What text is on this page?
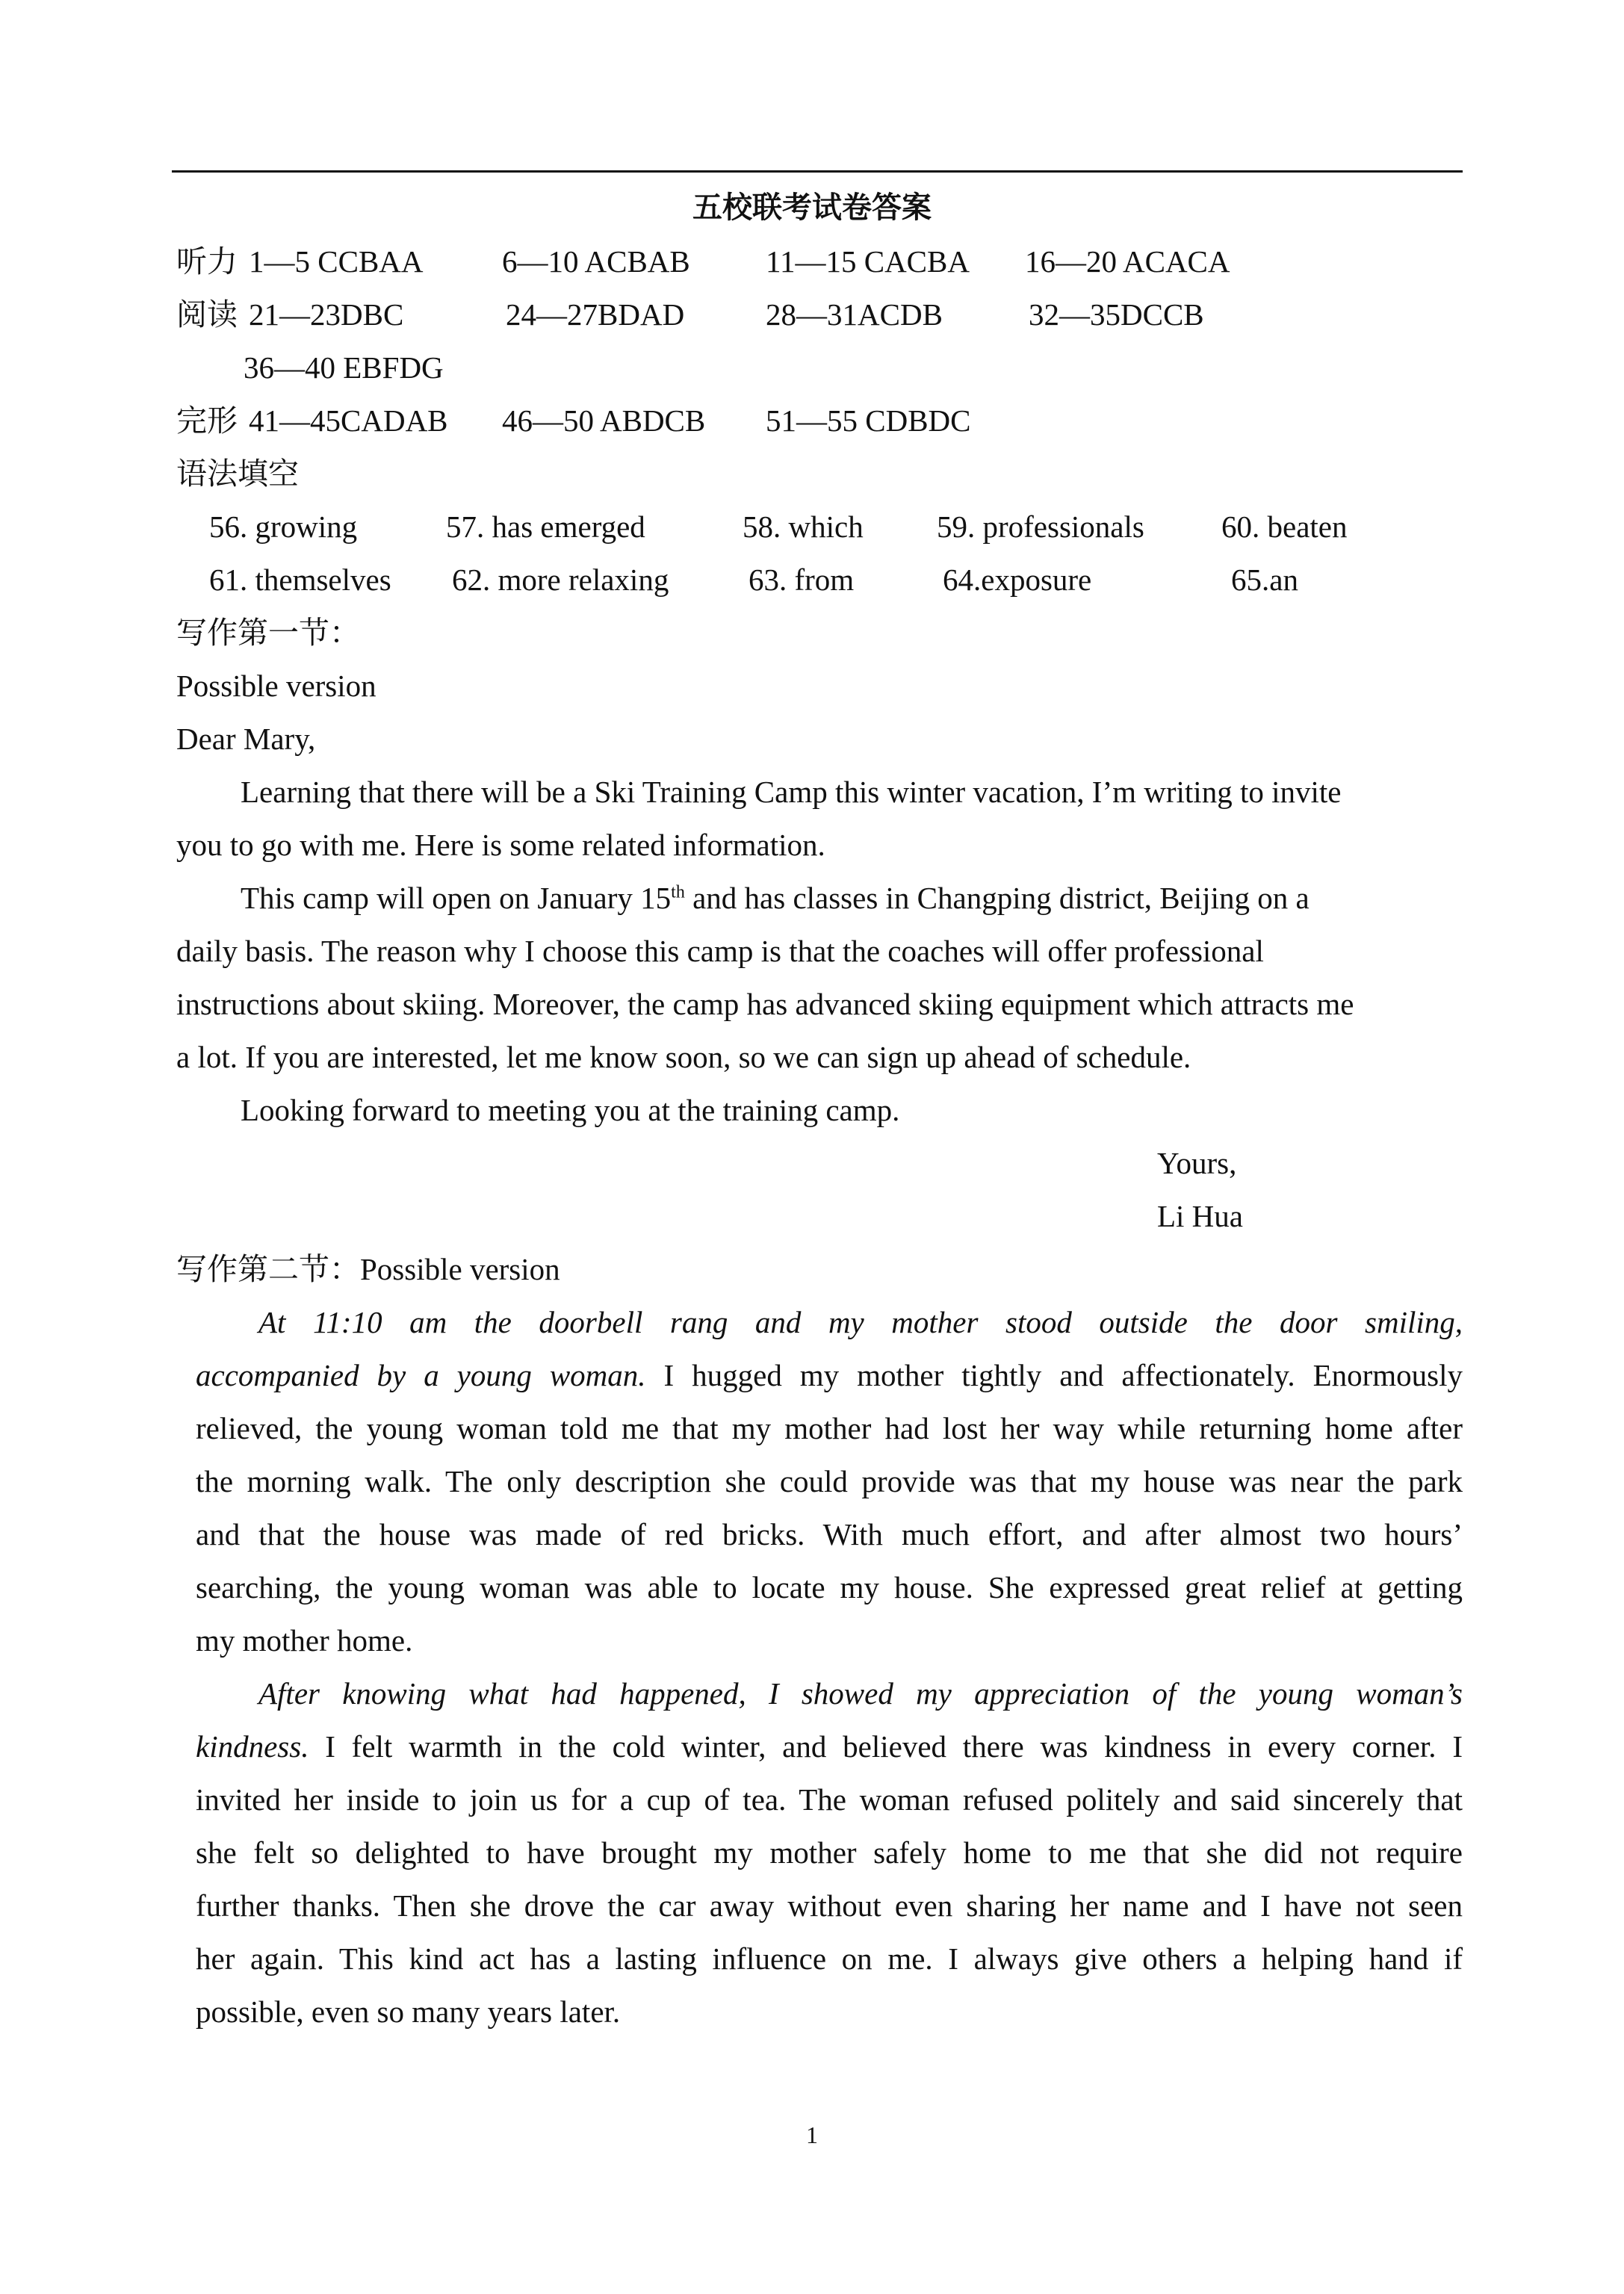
五校联考试卷答案
听力 1—5 CCBAA	6—10 ACBAB 11—15 CACBA 16—20 ACACA
阅读 21—23DBC	24—27BDAD	28—31ACDB	32—35DCCB
36—40 EBFDG
完形 41—45CADAB 46—50 ABDCB 51—55 CDBDC
语法填空
56. growing	57. has emerged	58. which 59. professionals	60. beaten
61. themselves 62. more relaxing	63. from	64.exposure	65.an
写作第一节：
Possible version
Dear Mary,
Learning that there will be a Ski Training Camp this winter vacation, I’m writing to invite
you to go with me. Here is some related information.
This camp will open on January 15th and has classes in Changping district, Beijing on a
daily basis. The reason why I choose this camp is that the coaches will offer professional
instructions about skiing. Moreover, the camp has advanced skiing equipment which attracts me
a lot. If you are interested, let me know soon, so we can sign up ahead of schedule.
Looking forward to meeting you at the training camp.
Yours,
Li Hua
写作第二节：Possible version
At 11:10 am the doorbell rang and my mother stood outside the door smiling,
accompanied by a young woman. I hugged my mother tightly and affectionately. Enormously
relieved, the young woman told me that my mother had lost her way while returning home after
the morning walk. The only description she could provide was that my house was near the park
and that the house was made of red bricks. With much effort, and after almost two hours’
searching, the young woman was able to locate my house. She expressed great relief at getting
my mother home.
After knowing what had happened, I showed my appreciation of the young woman’s
kindness. I felt warmth in the cold winter, and believed there was kindness in every corner. I
invited her inside to join us for a cup of tea. The woman refused politely and said sincerely that
she felt so delighted to have brought my mother safely home to me that she did not require
further thanks. Then she drove the car away without even sharing her name and I have not seen
her again. This kind act has a lasting influence on me. I always give others a helping hand if
possible, even so many years later.
1
